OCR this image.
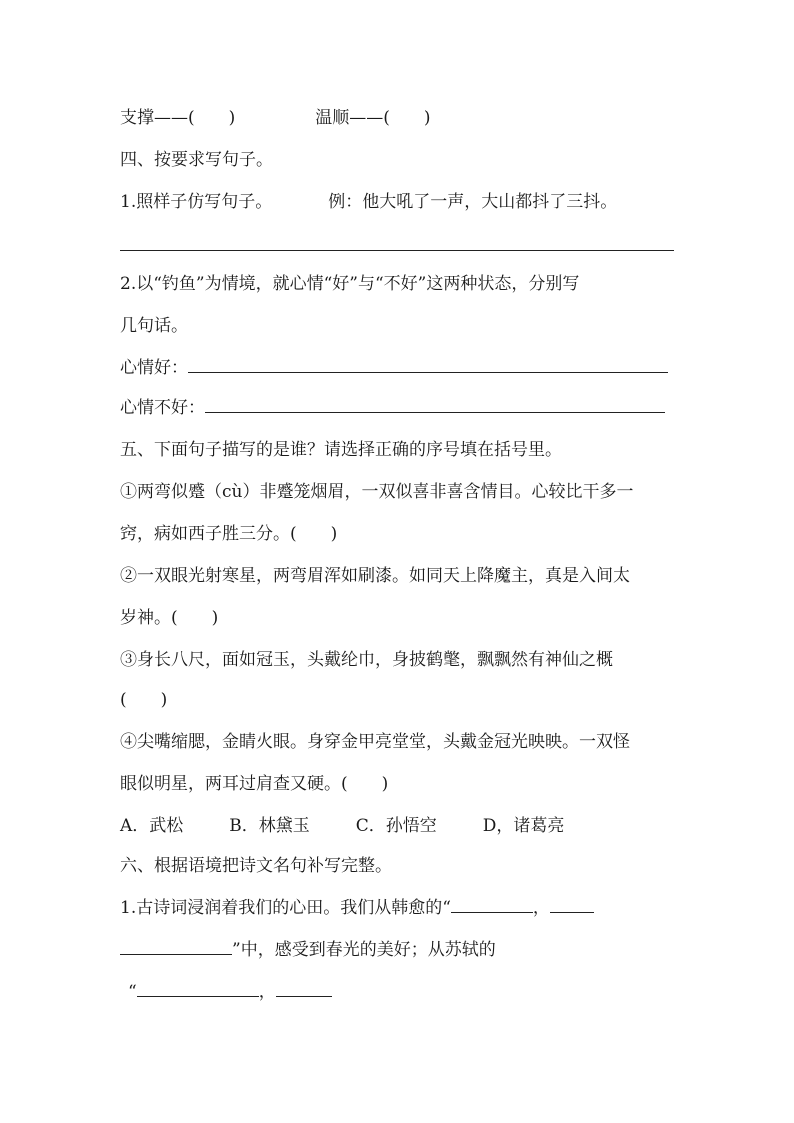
支撑——(　　)	温顺——(　　)
四、按要求写句子。
1.照样子仿写句子。	例：他大吼了一声，大山都抖了三抖。
2.以“钓鱼”为情境，就心情“好”与“不好”这两种状态，分别写
几句话。
心情好：
心情不好：
五、下面句子描写的是谁？请选择正确的序号填在括号里。
①两弯似蹙（cù）非蹙笼烟眉，一双似喜非喜含情目。心较比干多一
窍，病如西子胜三分。(　　)
②一双眼光射寒星，两弯眉浑如刷漆。如同天上降魔主，真是入间太
岁神。(　　)
③身长八尺，面如冠玉，头戴纶巾，身披鹤氅，飘飘然有神仙之概
(　　)
④尖嘴缩腮，金睛火眼。身穿金甲亮堂堂，头戴金冠光映映。一双怪
眼似明星，两耳过肩查又硬。(　　)
A．武松	B．林黛玉	C．孙悟空	D，诸葛亮
六、根据语境把诗文名句补写完整。
1.古诗词浸润着我们的心田。我们从韩愈的“	，
”中，感受到春光的美好；从苏轼的
“	，
